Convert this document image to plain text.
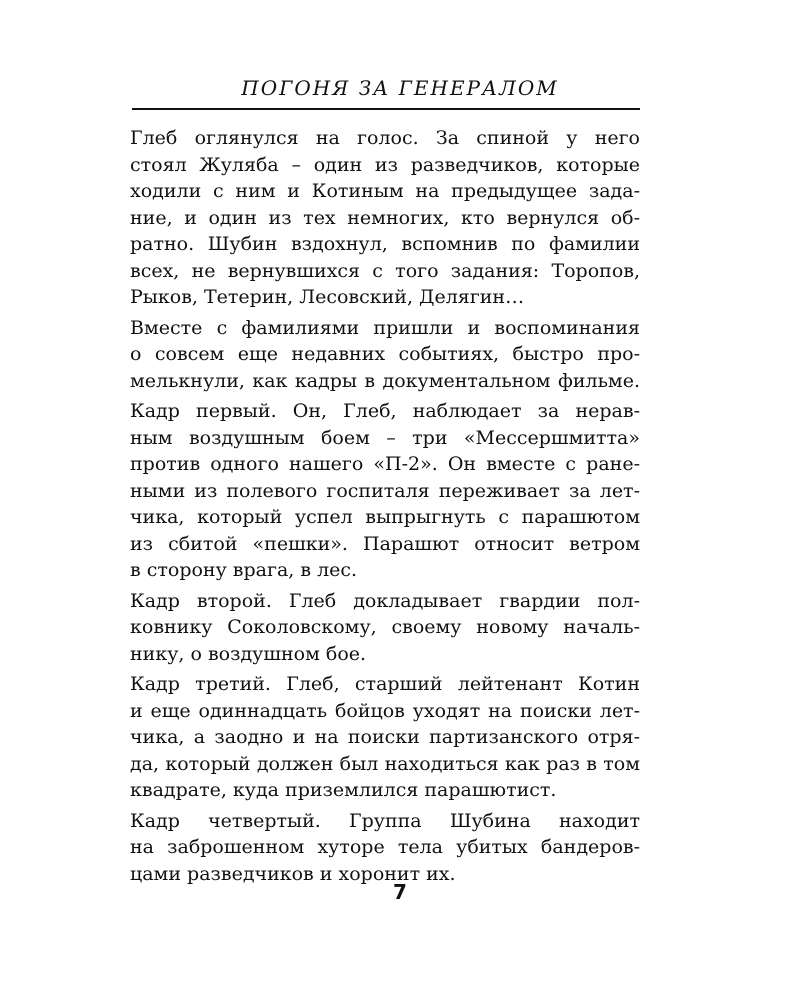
ПОГОНЯ ЗА ГЕНЕРАЛОМ
Глеб оглянулся на голос. За спиной у него
стоял Жуляба – один из разведчиков, которые
ходили с ним и Котиным на предыдущее зада-
ние, и один из тех немногих, кто вернулся об-
ратно. Шубин вздохнул, вспомнив по фамилии
всех, не вернувшихся с того задания: Торопов,
Рыков, Тетерин, Лесовский, Делягин…
Вместе с фамилиями пришли и воспоминания
о совсем еще недавних событиях, быстро про-
мелькнули, как кадры в документальном фильме.
Кадр первый. Он, Глеб, наблюдает за нерав-
ным воздушным боем – три «Мессершмитта»
против одного нашего «П-2». Он вместе с ране-
ными из полевого госпиталя переживает за лет-
чика, который успел выпрыгнуть с парашютом
из сбитой «пешки». Парашют относит ветром
в сторону врага, в лес.
Кадр второй. Глеб докладывает гвардии пол-
ковнику Соколовскому, своему новому началь-
нику, о воздушном бое.
Кадр третий. Глеб, старший лейтенант Котин
и еще одиннадцать бойцов уходят на поиски лет-
чика, а заодно и на поиски партизанского отря-
да, который должен был находиться как раз в том
квадрате, куда приземлился парашютист.
Кадр четвертый. Группа Шубина находит
на заброшенном хуторе тела убитых бандеров-
цами разведчиков и хоронит их.
7
